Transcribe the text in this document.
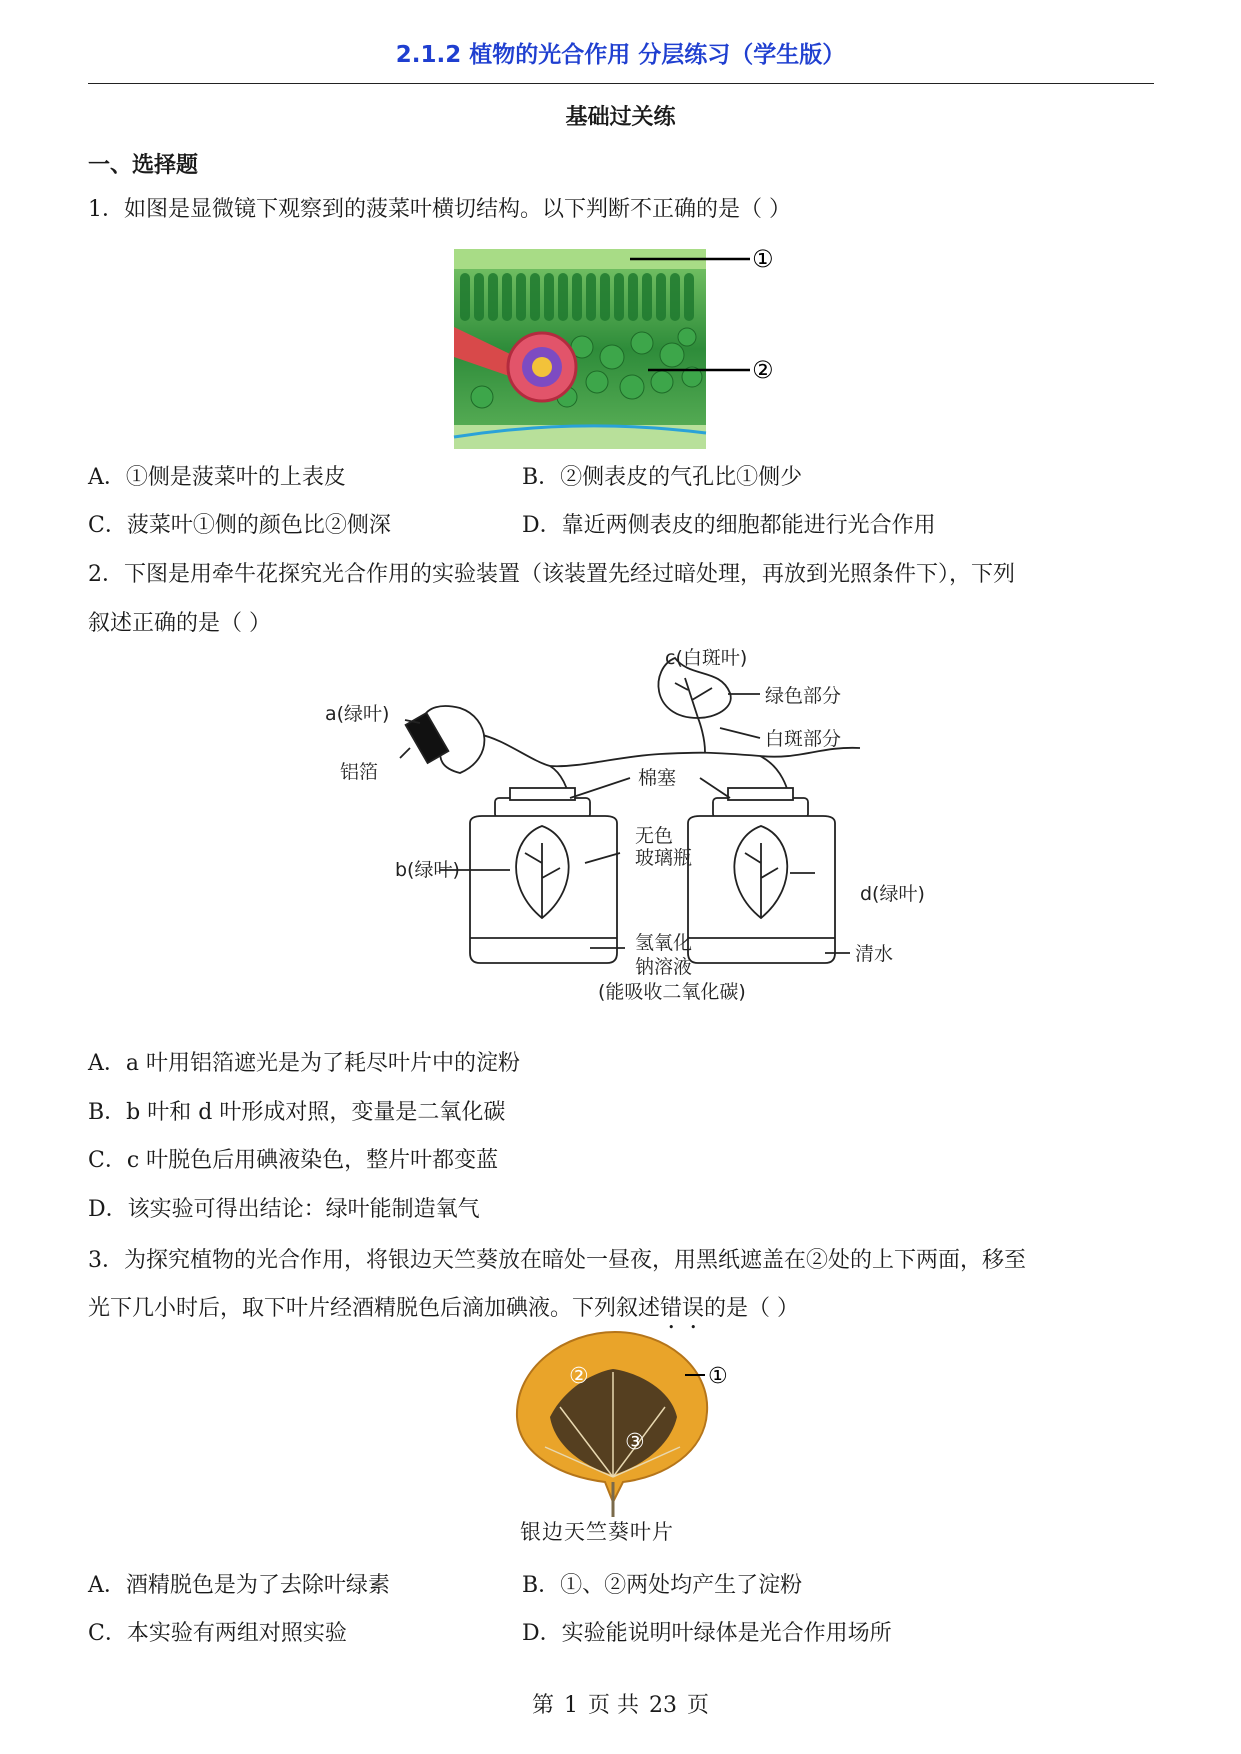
2.1.2 植物的光合作用 分层练习（学生版）
基础过关练
一、选择题
1．如图是显微镜下观察到的菠菜叶横切结构。以下判断不正确的是（ ）
①
②
A．①侧是菠菜叶的上表皮	B．②侧表皮的气孔比①侧少
C．菠菜叶①侧的颜色比②侧深	D．靠近两侧表皮的细胞都能进行光合作用
2．下图是用牵牛花探究光合作用的实验装置（该装置先经过暗处理，再放到光照条件下），下列
叙述正确的是（ ）
c(白斑叶)
绿色部分
白斑部分
a(绿叶)
铝箔	棉塞
无色
玻璃瓶
b(绿叶)
d(绿叶)
氢氧化
钠溶液
(能吸收二氧化碳)
清水
A．a 叶用铝箔遮光是为了耗尽叶片中的淀粉
B．b 叶和 d 叶形成对照，变量是二氧化碳
C．c 叶脱色后用碘液染色，整片叶都变蓝
D．该实验可得出结论：绿叶能制造氧气
3．为探究植物的光合作用，将银边天竺葵放在暗处一昼夜，用黑纸遮盖在②处的上下两面，移至
光下几小时后，取下叶片经酒精脱色后滴加碘液。下列叙述错误的是（ ）
①
②
③
银边天竺葵叶片
A．酒精脱色是为了去除叶绿素	B．①、②两处均产生了淀粉
C．本实验有两组对照实验	D．实验能说明叶绿体是光合作用场所
第 1 页 共 23 页
